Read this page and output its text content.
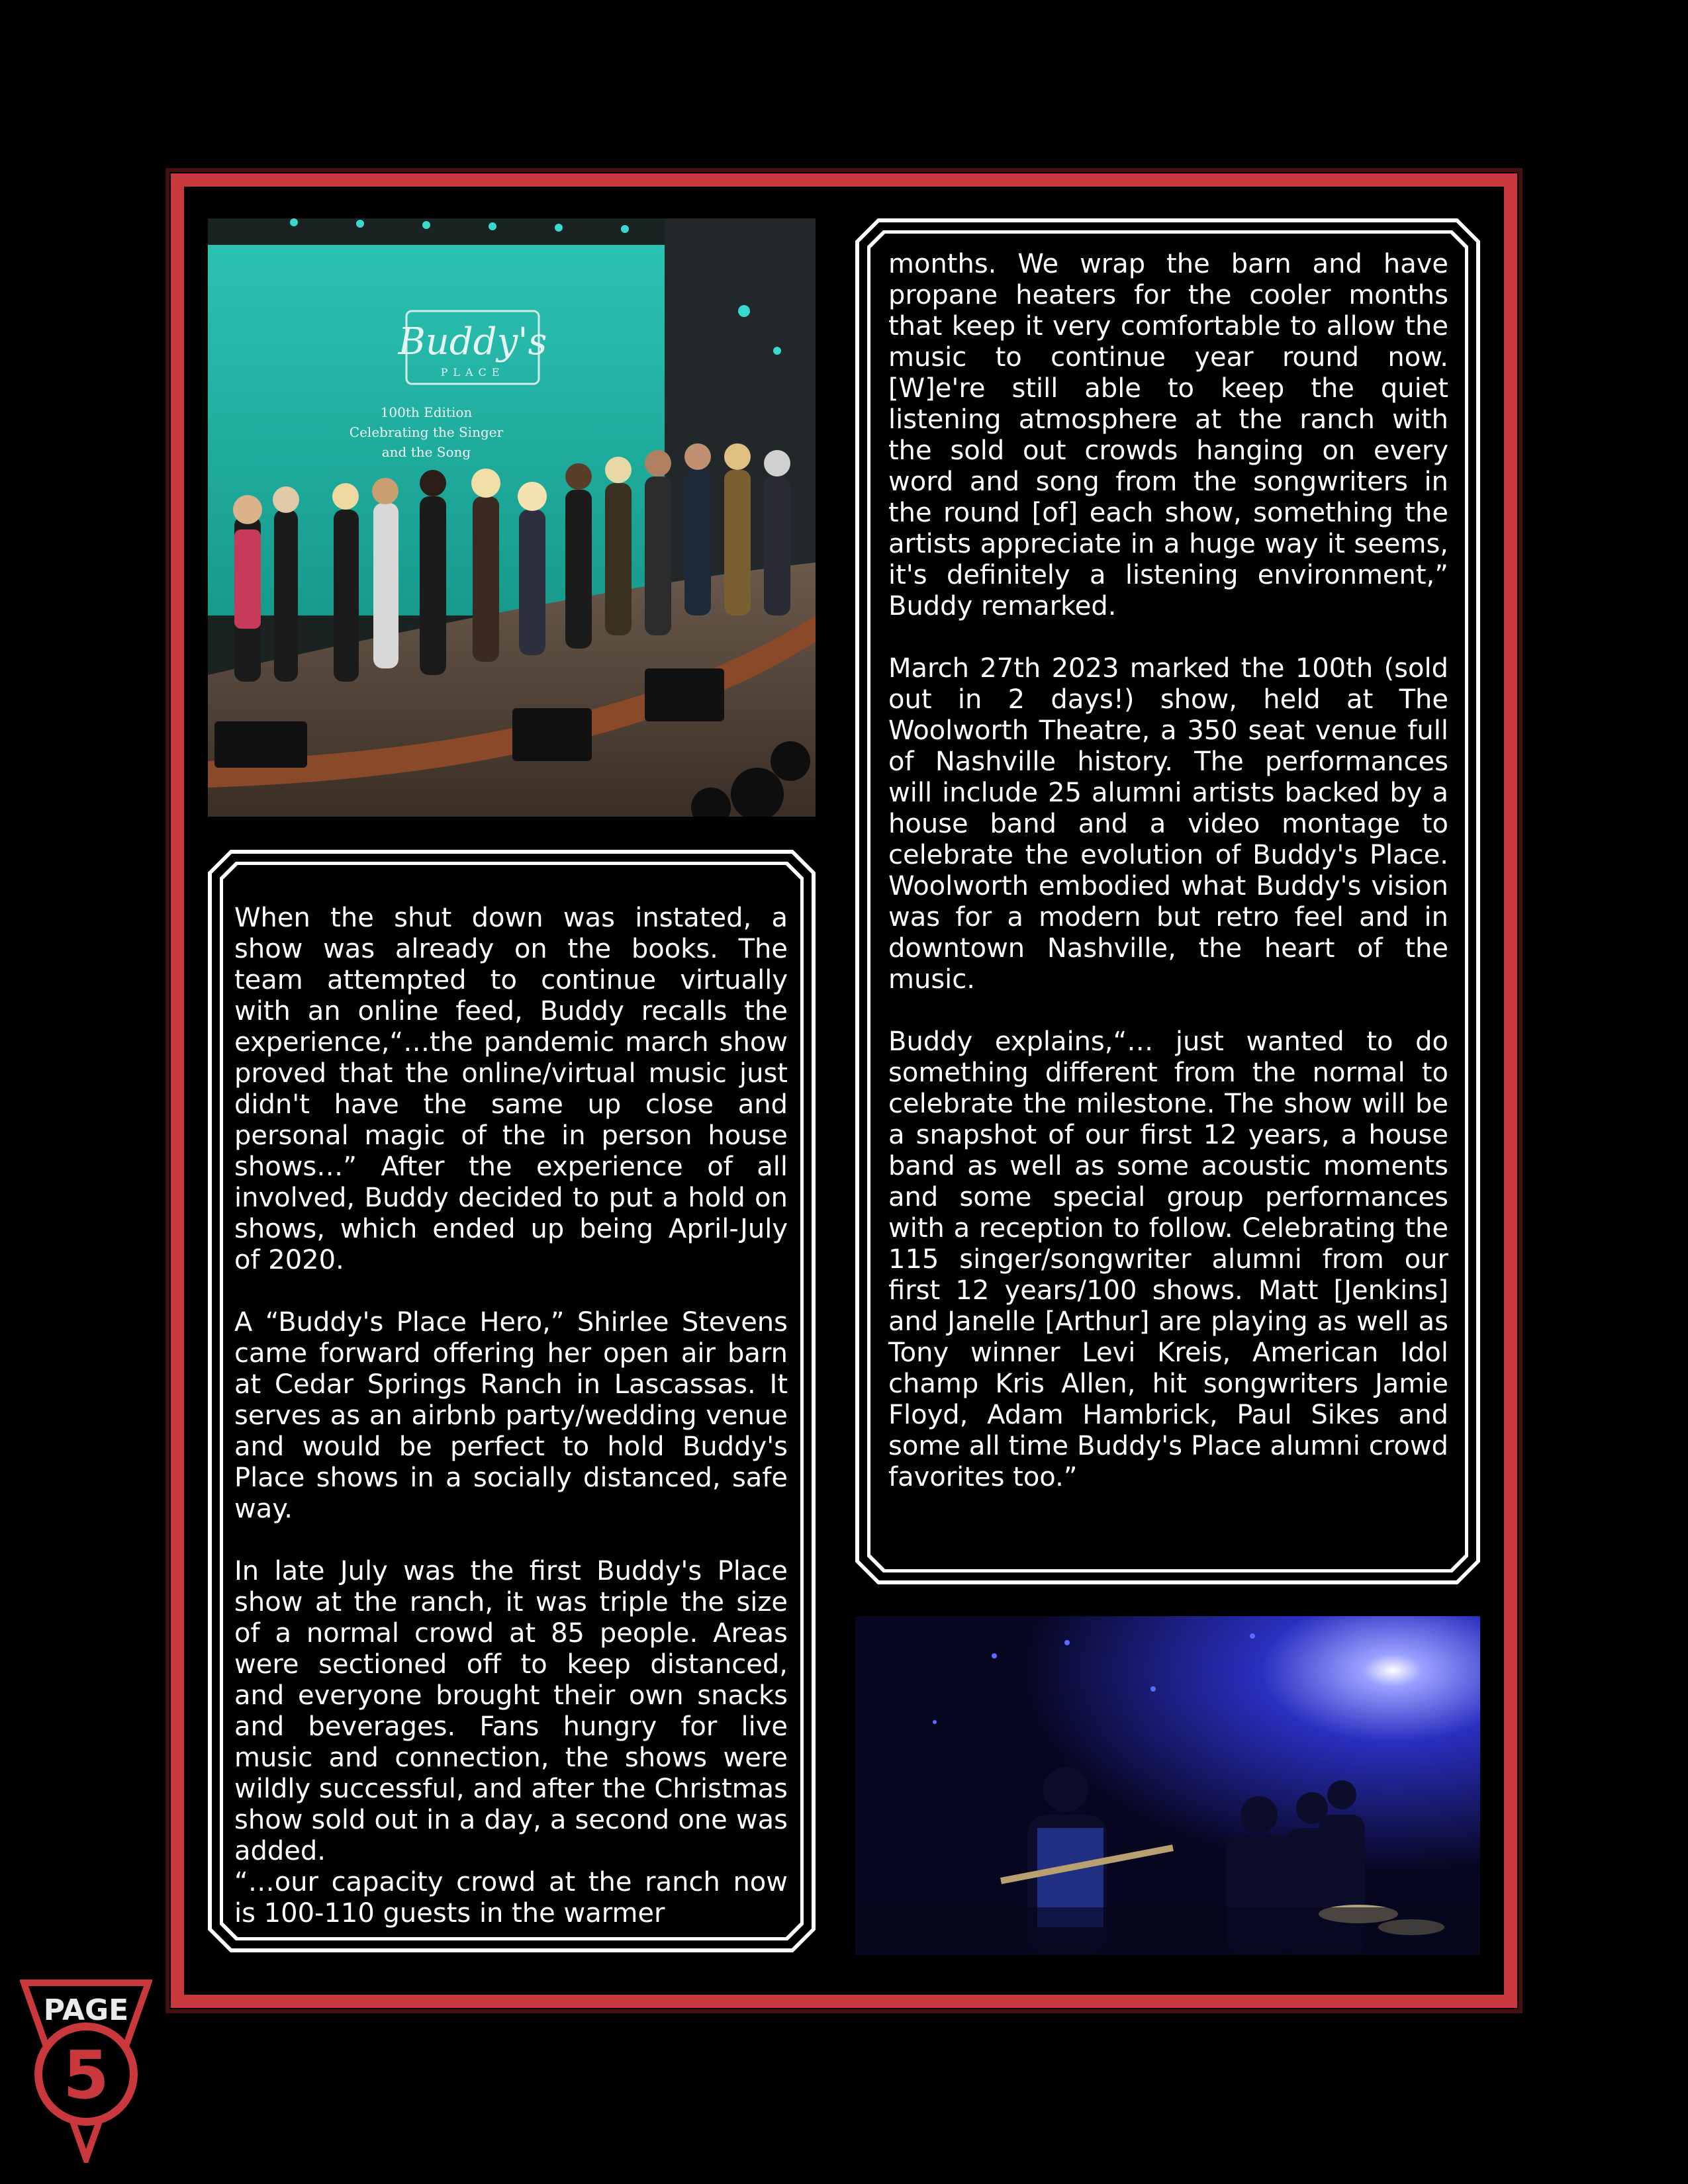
Buddy's
PLACE
100th Edition
Celebrating the Singer
and the Song

When the shut down was instated, a show was already on the books. The team attempted to continue virtually with an online feed, Buddy recalls the experience,“…the pandemic march show proved that the online/virtual music just didn't have the same up close and personal magic of the in person house shows…” After the experience of all involved, Buddy decided to put a hold on shows, which ended up being April-July of 2020.

A “Buddy's Place Hero,” Shirlee Stevens came forward offering her open air barn at Cedar Springs Ranch in Lascassas. It serves as an airbnb party/wedding venue and would be perfect to hold Buddy's Place shows in a socially distanced, safe way.

In late July was the first Buddy's Place show at the ranch, it was triple the size of a normal crowd at 85 people. Areas were sectioned off to keep distanced, and everyone brought their own snacks and beverages. Fans hungry for live music and connection, the shows were wildly successful, and after the Christmas show sold out in a day, a second one was added.
“…our capacity crowd at the ranch now is 100-110 guests in the warmer

months. We wrap the barn and have propane heaters for the cooler months that keep it very comfortable to allow the music to continue year round now. [W]e're still able to keep the quiet listening atmosphere at the ranch with the sold out crowds hanging on every word and song from the songwriters in the round [of] each show, something the artists appreciate in a huge way it seems, it's definitely a listening environment,” Buddy remarked.

March 27th 2023 marked the 100th (sold out in 2 days!) show, held at The Woolworth Theatre, a 350 seat venue full of Nashville history. The performances will include 25 alumni artists backed by a house band and a video montage to celebrate the evolution of Buddy's Place. Woolworth embodied what Buddy's vision was for a modern but retro feel and in downtown Nashville, the heart of the music.

Buddy explains,“… just wanted to do something different from the normal to celebrate the milestone. The show will be a snapshot of our first 12 years, a house band as well as some acoustic moments and some special group performances with a reception to follow. Celebrating the 115 singer/songwriter alumni from our first 12 years/100 shows. Matt [Jenkins] and Janelle [Arthur] are playing as well as Tony winner Levi Kreis, American Idol champ Kris Allen, hit songwriters Jamie Floyd, Adam Hambrick, Paul Sikes and some all time Buddy's Place alumni crowd favorites too.”

PAGE
5
